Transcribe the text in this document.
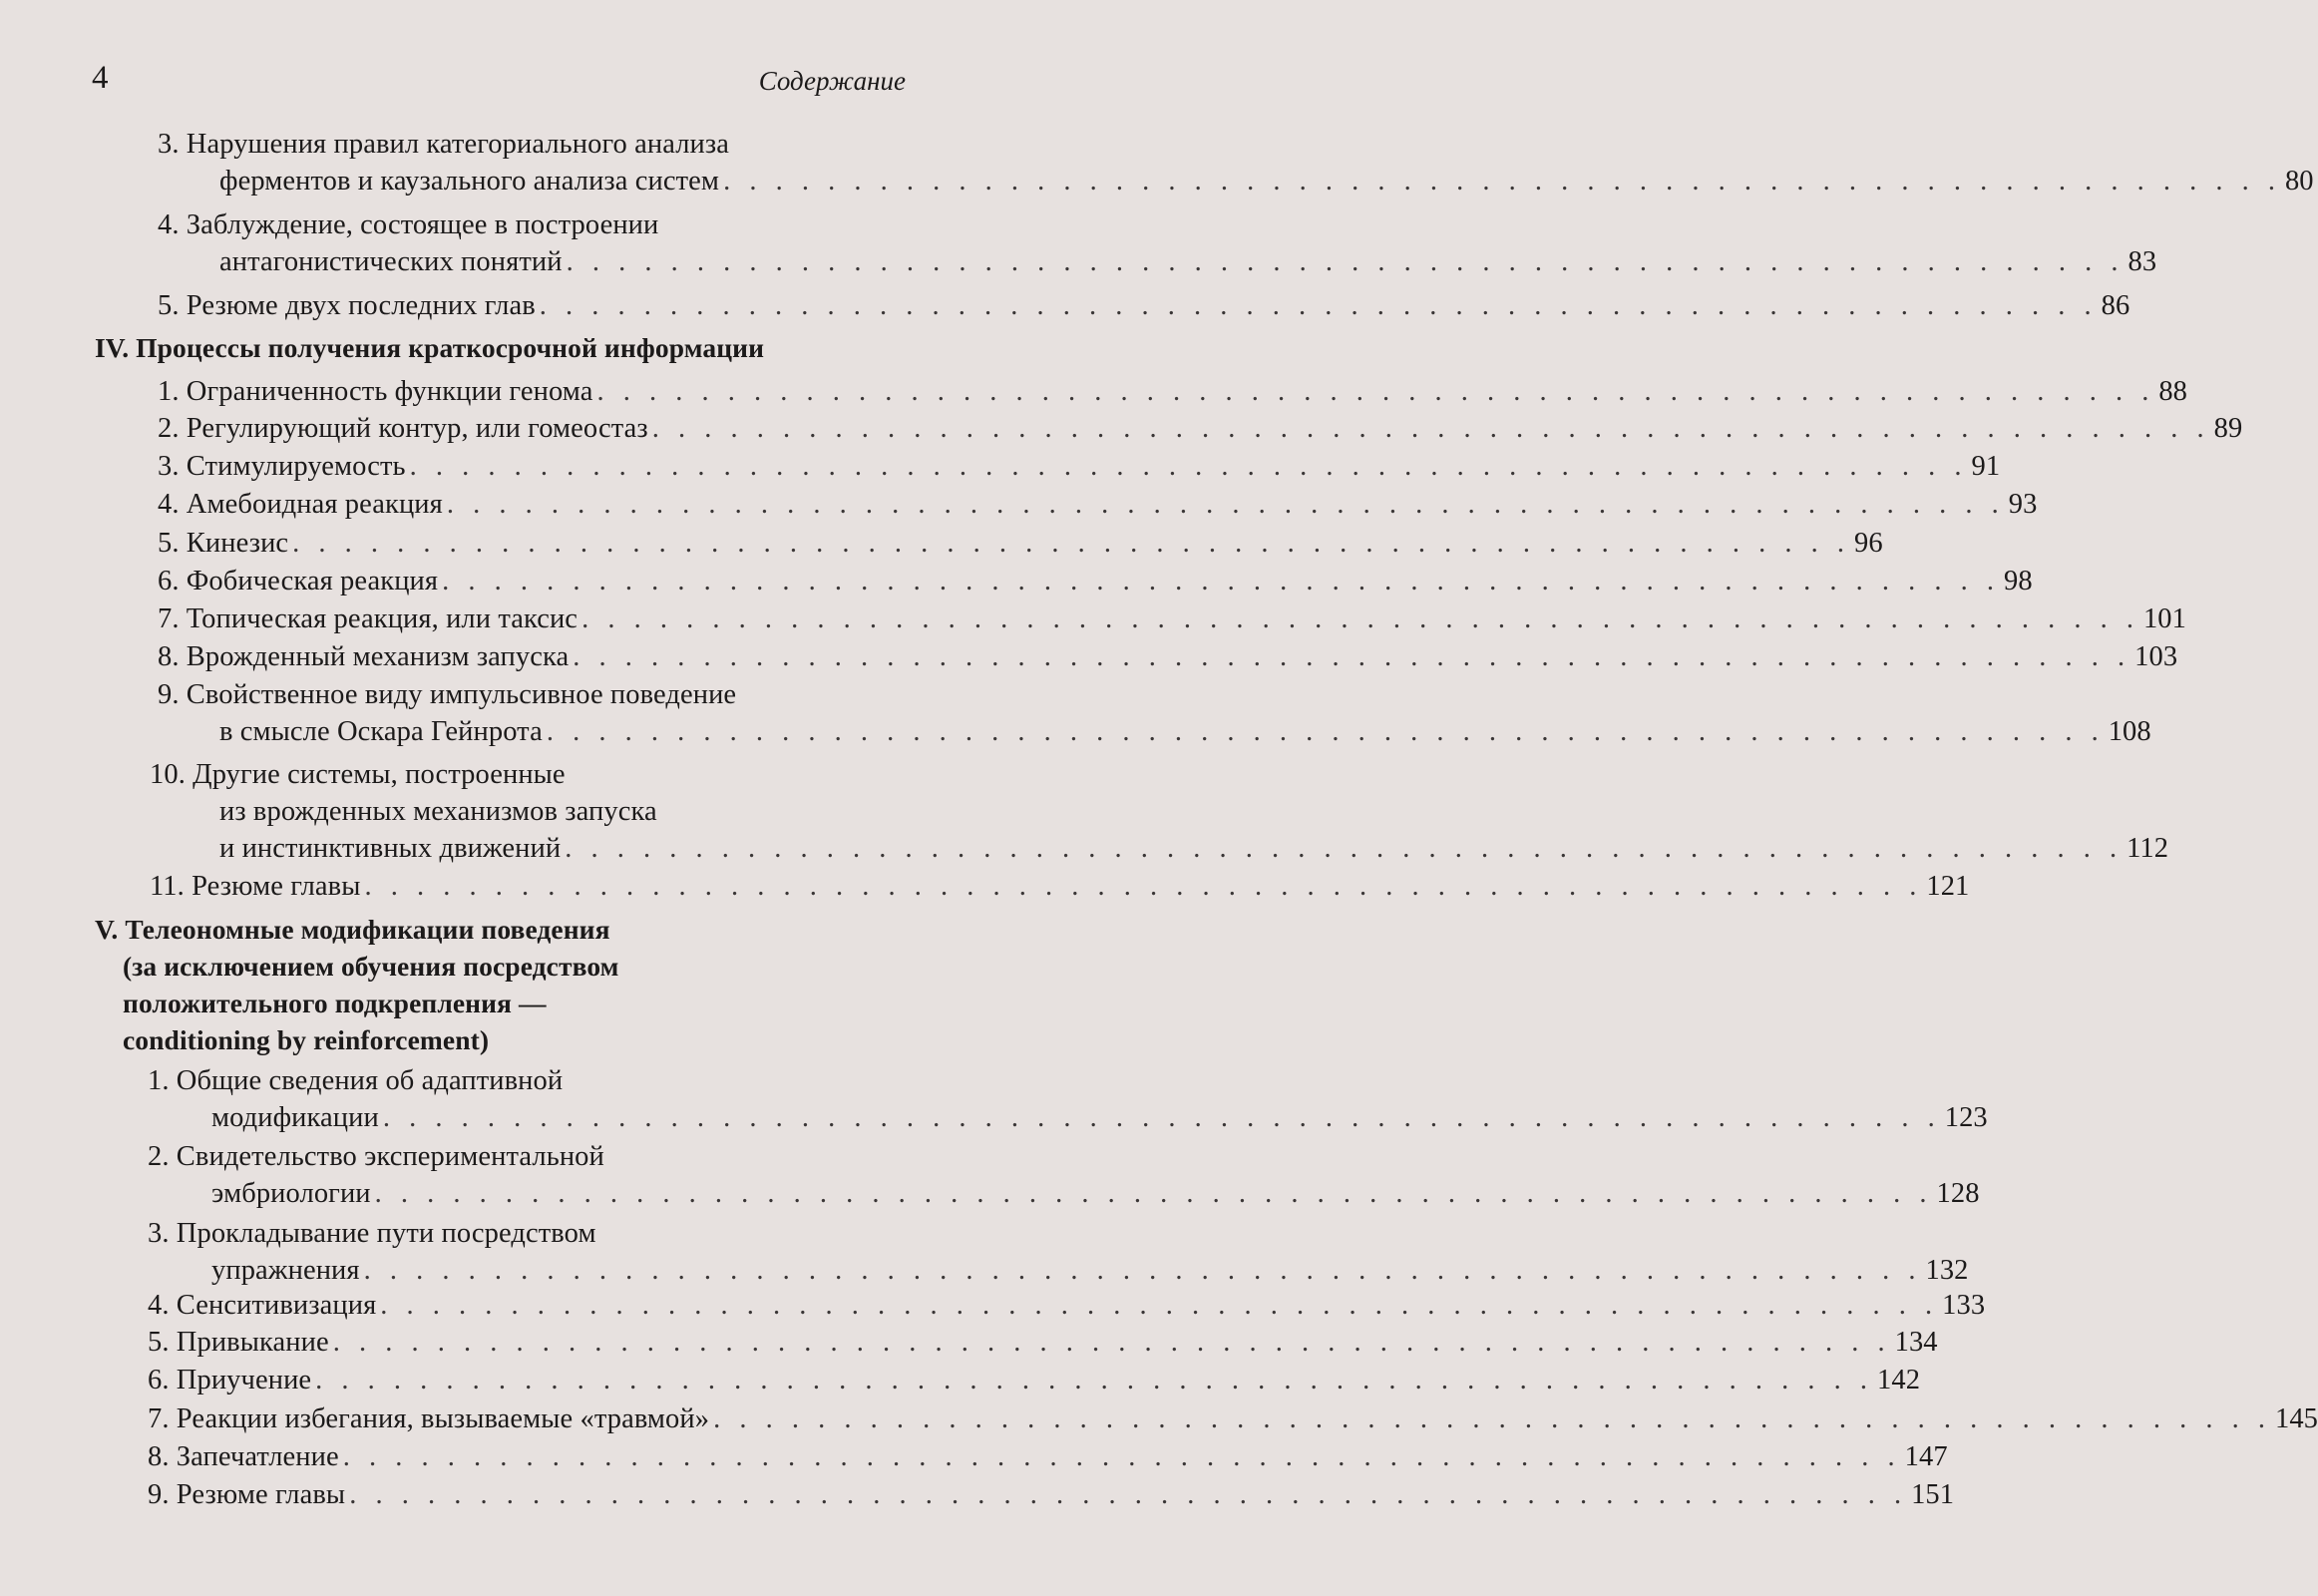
4	Содержание
3. Нарушения правил категориального анализа
ферментов и каузального анализа систем . . . . . . . . . . . . . . . . . . . . . . . . . . . . . . . . . . . . . . . . . . . . . . . . . . . . . . . . . . . . 80
4. Заблуждение, состоящее в построении
антагонистических понятий . . . . . . . . . . . . . . . . . . . . . . . . . . . . . . . . . . . . . . . . . . . . . . . . . . . . . . . . . . . . 83
5. Резюме двух последних глав . . . . . . . . . . . . . . . . . . . . . . . . . . . . . . . . . . . . . . . . . . . . . . . . . . . . . . . . . . . . 86
IV. Процессы получения краткосрочной информации
1. Ограниченность функции генома . . . . . . . . . . . . . . . . . . . . . . . . . . . . . . . . . . . . . . . . . . . . . . . . . . . . . . . . . . . . 88
2. Регулирующий контур, или гомеостаз . . . . . . . . . . . . . . . . . . . . . . . . . . . . . . . . . . . . . . . . . . . . . . . . . . . . . . . . . . . . 89
3. Стимулируемость . . . . . . . . . . . . . . . . . . . . . . . . . . . . . . . . . . . . . . . . . . . . . . . . . . . . . . . . . . . . 91
4. Амебоидная реакция . . . . . . . . . . . . . . . . . . . . . . . . . . . . . . . . . . . . . . . . . . . . . . . . . . . . . . . . . . . . 93
5. Кинезис . . . . . . . . . . . . . . . . . . . . . . . . . . . . . . . . . . . . . . . . . . . . . . . . . . . . . . . . . . . . 96
6. Фобическая реакция . . . . . . . . . . . . . . . . . . . . . . . . . . . . . . . . . . . . . . . . . . . . . . . . . . . . . . . . . . . . 98
7. Топическая реакция, или таксис . . . . . . . . . . . . . . . . . . . . . . . . . . . . . . . . . . . . . . . . . . . . . . . . . . . . . . . . . . . . 101
8. Врожденный механизм запуска . . . . . . . . . . . . . . . . . . . . . . . . . . . . . . . . . . . . . . . . . . . . . . . . . . . . . . . . . . . . 103
9. Свойственное виду импульсивное поведение
в смысле Оскара Гейнрота . . . . . . . . . . . . . . . . . . . . . . . . . . . . . . . . . . . . . . . . . . . . . . . . . . . . . . . . . . . . 108
10. Другие системы, построенные
из врожденных механизмов запуска
и инстинктивных движений . . . . . . . . . . . . . . . . . . . . . . . . . . . . . . . . . . . . . . . . . . . . . . . . . . . . . . . . . . . . 112
11. Резюме главы . . . . . . . . . . . . . . . . . . . . . . . . . . . . . . . . . . . . . . . . . . . . . . . . . . . . . . . . . . . . 121
V. Телеономные модификации поведения
(за исключением обучения посредством
положительного подкрепления —
conditioning by reinforcement)
1. Общие сведения об адаптивной
модификации . . . . . . . . . . . . . . . . . . . . . . . . . . . . . . . . . . . . . . . . . . . . . . . . . . . . . . . . . . . . 123
2. Свидетельство экспериментальной
эмбриологии . . . . . . . . . . . . . . . . . . . . . . . . . . . . . . . . . . . . . . . . . . . . . . . . . . . . . . . . . . . . 128
3. Прокладывание пути посредством
упражнения . . . . . . . . . . . . . . . . . . . . . . . . . . . . . . . . . . . . . . . . . . . . . . . . . . . . . . . . . . . . 132
4. Сенситивизация . . . . . . . . . . . . . . . . . . . . . . . . . . . . . . . . . . . . . . . . . . . . . . . . . . . . . . . . . . . . 133
5. Привыкание . . . . . . . . . . . . . . . . . . . . . . . . . . . . . . . . . . . . . . . . . . . . . . . . . . . . . . . . . . . . 134
6. Приучение . . . . . . . . . . . . . . . . . . . . . . . . . . . . . . . . . . . . . . . . . . . . . . . . . . . . . . . . . . . . 142
7. Реакции избегания, вызываемые «травмой» . . . . . . . . . . . . . . . . . . . . . . . . . . . . . . . . . . . . . . . . . . . . . . . . . . . . . . . . . . . . 145
8. Запечатление . . . . . . . . . . . . . . . . . . . . . . . . . . . . . . . . . . . . . . . . . . . . . . . . . . . . . . . . . . . . 147
9. Резюме главы . . . . . . . . . . . . . . . . . . . . . . . . . . . . . . . . . . . . . . . . . . . . . . . . . . . . . . . . . . . . 151
